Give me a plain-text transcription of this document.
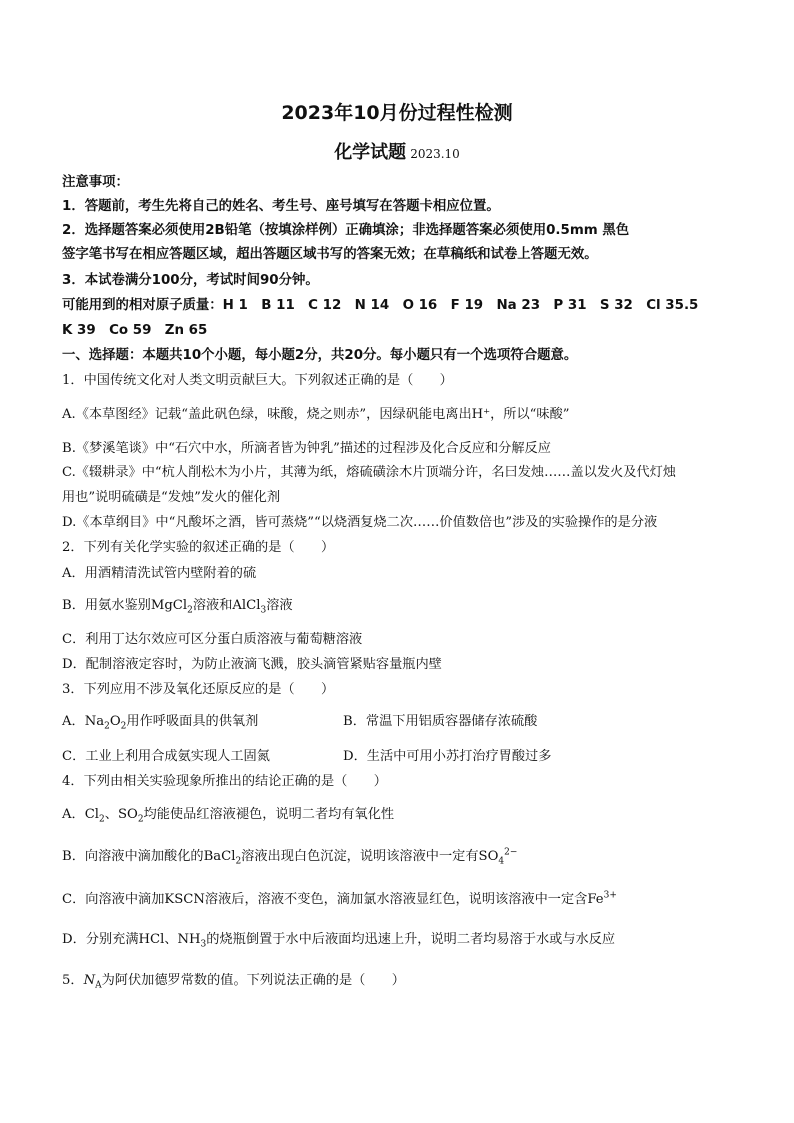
2023年10月份过程性检测
化学试题 2023.10
注意事项：
1．答题前，考生先将自己的姓名、考生号、座号填写在答题卡相应位置。
2．选择题答案必须使用2B铅笔（按填涂样例）正确填涂；非选择题答案必须使用0.5mm 黑色
签字笔书写在相应答题区域，超出答题区域书写的答案无效；在草稿纸和试卷上答题无效。
3．本试卷满分100分，考试时间90分钟。
可能用到的相对原子质量：H 1　B 11　C 12　N 14　O 16　F 19　Na 23　P 31　S 32　Cl 35.5
K 39　Co 59　Zn 65
一、选择题：本题共10个小题，每小题2分，共20分。每小题只有一个选项符合题意。
1．中国传统文化对人类文明贡献巨大。下列叙述正确的是（　　）
A.《本草图经》记载“盖此矾色绿，味酸，烧之则赤”，因绿矾能电离出H⁺，所以“味酸”
B.《梦溪笔谈》中“石穴中水，所滴者皆为钟乳”描述的过程涉及化合反应和分解反应
C.《辍耕录》中“杭人削松木为小片，其薄为纸，熔硫磺涂木片顶端分许，名曰发烛……盖以发火及代灯烛
用也”说明硫磺是“发烛”发火的催化剂
D.《本草纲目》中“凡酸坏之酒，皆可蒸烧”“以烧酒复烧二次……价值数倍也”涉及的实验操作的是分液
2．下列有关化学实验的叙述正确的是（　　）
A．用酒精清洗试管内壁附着的硫
B．用氨水鉴别MgCl$_2$溶液和AlCl$_3$溶液
C．利用丁达尔效应可区分蛋白质溶液与葡萄糖溶液
D．配制溶液定容时，为防止液滴飞溅，胶头滴管紧贴容量瓶内壁
3．下列应用不涉及氧化还原反应的是（　　）
A．$Na_2O_2$用作呼吸面具的供氧剂	B．常温下用铝质容器储存浓硫酸
C．工业上利用合成氨实现人工固氮	D．生活中可用小苏打治疗胃酸过多
4．下列由相关实验现象所推出的结论正确的是（　　）
A．$Cl_2$、$SO_2$均能使品红溶液褪色，说明二者均有氧化性
B．向溶液中滴加酸化的BaCl$_2$溶液出现白色沉淀，说明该溶液中一定有$SO_4^{2-}$
C．向溶液中滴加KSCN溶液后，溶液不变色，滴加氯水溶液显红色，说明该溶液中一定含$Fe^{3+}$
D．分别充满HCl、$NH_3$的烧瓶倒置于水中后液面均迅速上升，说明二者均易溶于水或与水反应
5．$N_A$为阿伏加德罗常数的值。下列说法正确的是（　　）
